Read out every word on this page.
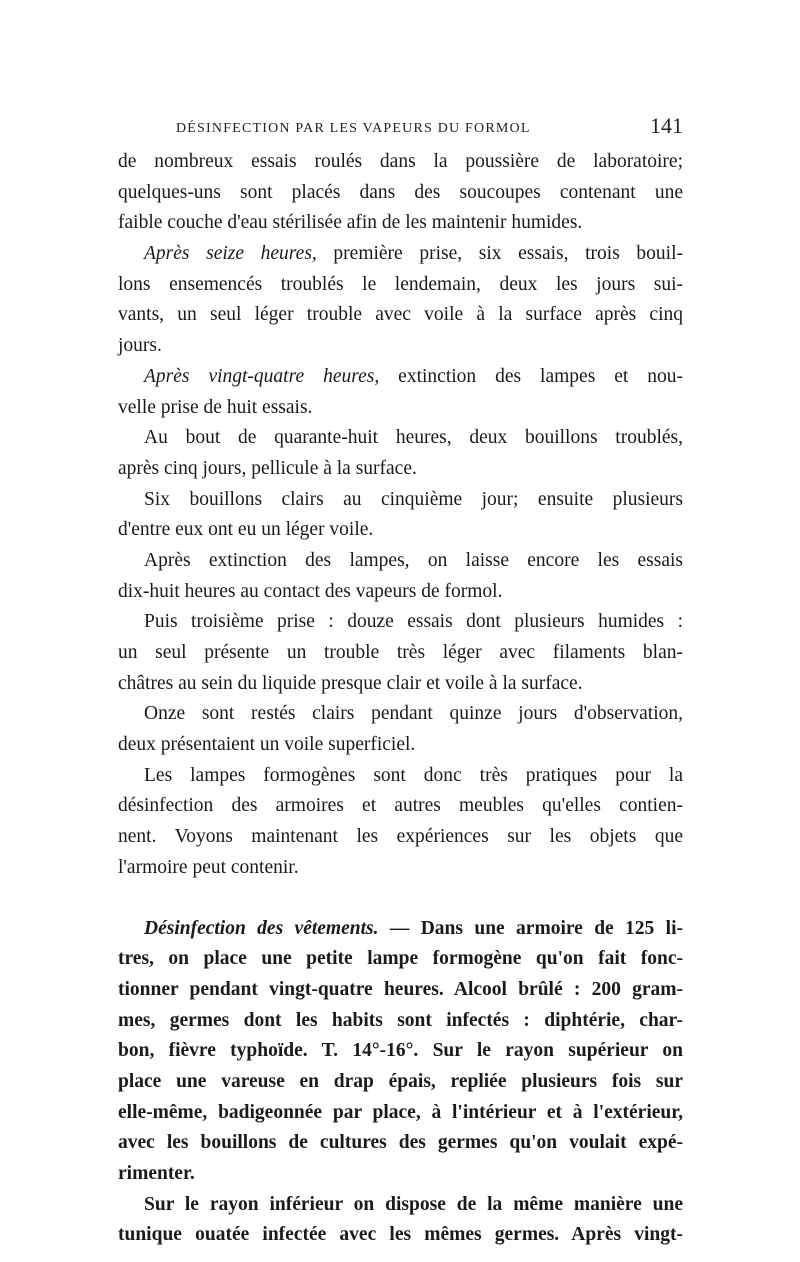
DÉSINFECTION PAR LES VAPEURS DU FORMOL	141
de nombreux essais roulés dans la poussière de laboratoire;
quelques-uns sont placés dans des soucoupes contenant une
faible couche d'eau stérilisée afin de les maintenir humides.
Après seize heures, première prise, six essais, trois bouil-
lons ensemencés troublés le lendemain, deux les jours sui-
vants, un seul léger trouble avec voile à la surface après cinq
jours.
Après vingt-quatre heures, extinction des lampes et nou-
velle prise de huit essais.
Au bout de quarante-huit heures, deux bouillons troublés,
après cinq jours, pellicule à la surface.
Six bouillons clairs au cinquième jour; ensuite plusieurs
d'entre eux ont eu un léger voile.
Après extinction des lampes, on laisse encore les essais
dix-huit heures au contact des vapeurs de formol.
Puis troisième prise : douze essais dont plusieurs humides :
un seul présente un trouble très léger avec filaments blan-
châtres au sein du liquide presque clair et voile à la surface.
Onze sont restés clairs pendant quinze jours d'observation,
deux présentaient un voile superficiel.
Les lampes formogènes sont donc très pratiques pour la
désinfection des armoires et autres meubles qu'elles contien-
nent. Voyons maintenant les expériences sur les objets que
l'armoire peut contenir.
Désinfection des vêtements. — Dans une armoire de 125 li-
tres, on place une petite lampe formogène qu'on fait fonc-
tionner pendant vingt-quatre heures. Alcool brûlé : 200 gram-
mes, germes dont les habits sont infectés : diphtérie, char-
bon, fièvre typhoïde. T. 14°-16°. Sur le rayon supérieur on
place une vareuse en drap épais, repliée plusieurs fois sur
elle-même, badigeonnée par place, à l'intérieur et à l'extérieur,
avec les bouillons de cultures des germes qu'on voulait expé-
rimenter.
Sur le rayon inférieur on dispose de la même manière une
tunique ouatée infectée avec les mêmes germes. Après vingt-
